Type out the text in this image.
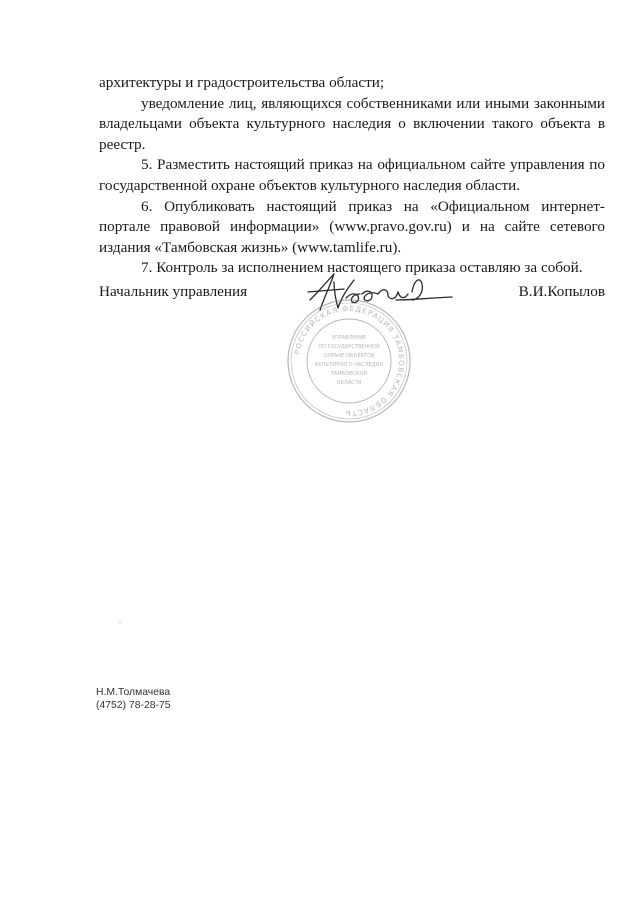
архитектуры и градостроительства области;

уведомление лиц, являющихся собственниками или иными законными владельцами объекта культурного наследия о включении такого объекта в реестр.

5. Разместить настоящий приказ на официальном сайте управления по государственной охране объектов культурного наследия области.

6. Опубликовать настоящий приказ на «Официальном интернет-портале правовой информации» (www.pravo.gov.ru) и на сайте сетевого издания «Тамбовская жизнь» (www.tamlife.ru).

7. Контроль за исполнением настоящего приказа оставляю за собой.

Начальник управления	В.И.Копылов
РОССИЙСКАЯ ФЕДЕРАЦИЯ ТАМБОВСКАЯ ОБЛАСТЬ
УПРАВЛЕНИЕ
ПО ГОСУДАРСТВЕННОЙ
ОХРАНЕ ОБЪЕКТОВ
КУЛЬТУРНОГО НАСЛЕДИЯ
ТАМБОВСКОЙ
ОБЛАСТИ
Н.М.Толмачева
(4752) 78-28-75
